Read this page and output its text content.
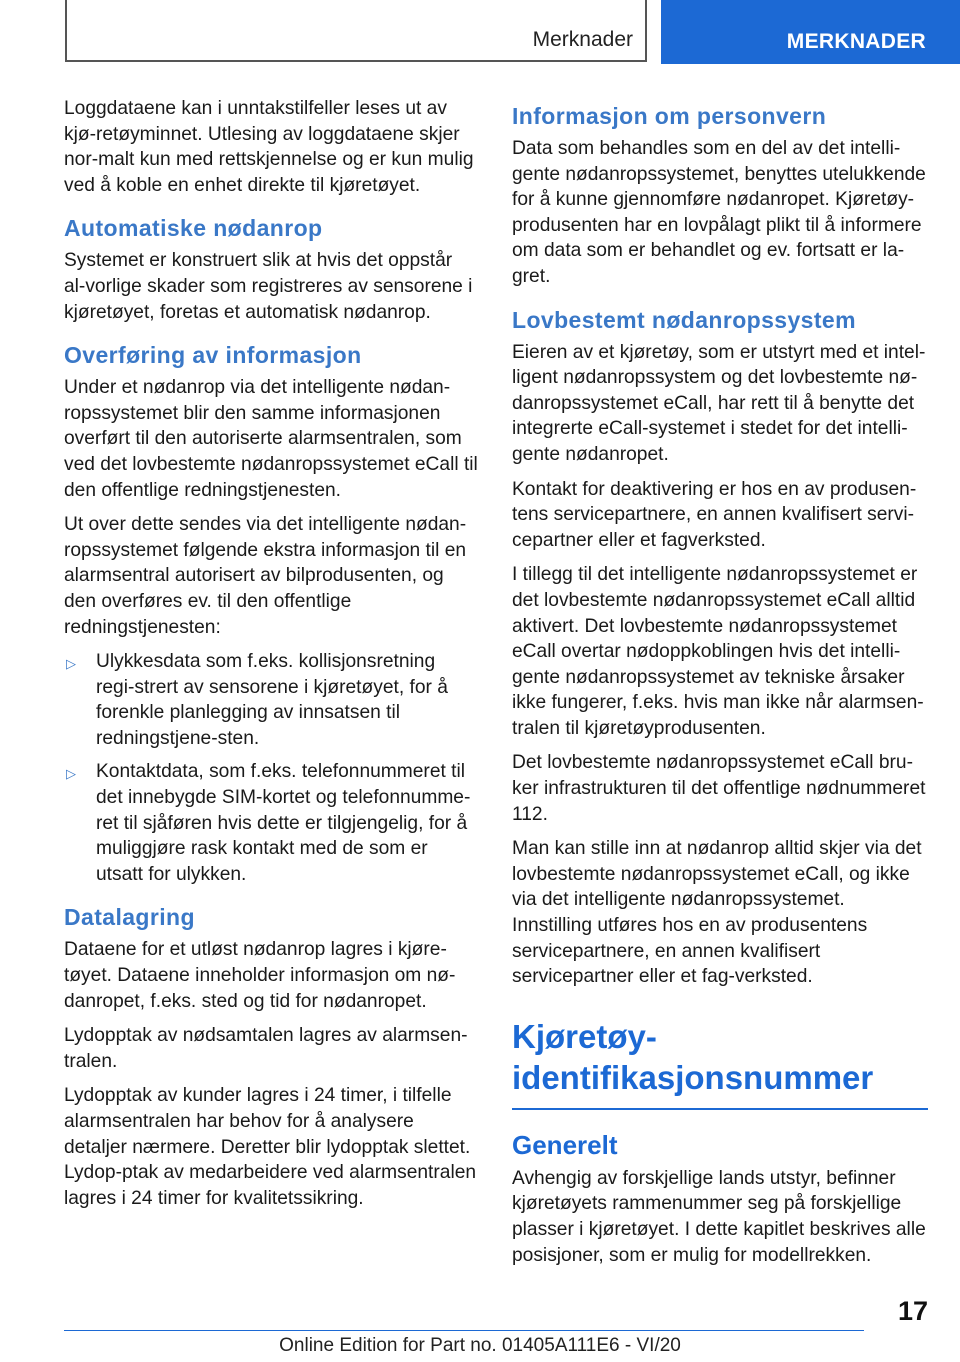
Merknader	MERKNADER

Loggdataene kan i unntakstilfeller leses ut av kjø-retøyminnet. Utlesing av loggdataene skjer nor-malt kun med rettskjennelse og er kun mulig ved å koble en enhet direkte til kjøretøyet.

Automatiske nødanrop

Systemet er konstruert slik at hvis det oppstår al-vorlige skader som registreres av sensorene i kjøretøyet, foretas et automatisk nødanrop.

Overføring av informasjon

Under et nødanrop via det intelligente nødan-ropssystemet blir den samme informasjonen overført til den autoriserte alarmsentralen, som ved det lovbestemte nødanropssystemet eCall til den offentlige redningstjenesten.

Ut over dette sendes via det intelligente nødan-ropssystemet følgende ekstra informasjon til en alarmsentral autorisert av bilprodusenten, og den overføres ev. til den offentlige redningstjenesten:

▷ Ulykkesdata som f.eks. kollisjonsretning regi-strert av sensorene i kjøretøyet, for å forenkle planlegging av innsatsen til redningstjene-sten.
▷ Kontaktdata, som f.eks. telefonnummeret til det innebygde SIM-kortet og telefonnumme-ret til sjåføren hvis dette er tilgjengelig, for å muliggjøre rask kontakt med de som er utsatt for ulykken.
Datalagring

Dataene for et utløst nødanrop lagres i kjøre-tøyet. Dataene inneholder informasjon om nø-danropet, f.eks. sted og tid for nødanropet.

Lydopptak av nødsamtalen lagres av alarmsen-tralen.

Lydopptak av kunder lagres i 24 timer, i tilfelle alarmsentralen har behov for å analysere detaljer nærmere. Deretter blir lydopptak slettet. Lydop-ptak av medarbeidere ved alarmsentralen lagres i 24 timer for kvalitetssikring.

Informasjon om personvern

Data som behandles som en del av det intelli-gente nødanropssystemet, benyttes utelukkende for å kunne gjennomføre nødanropet. Kjøretøy-produsenten har en lovpålagt plikt til å informere om data som er behandlet og ev. fortsatt er la-gret.

Lovbestemt nødanropssystem

Eieren av et kjøretøy, som er utstyrt med et intel-ligent nødanropssystem og det lovbestemte nø-danropssystemet eCall, har rett til å benytte det integrerte eCall-systemet i stedet for det intelli-gente nødanropet.

Kontakt for deaktivering er hos en av produsen-tens servicepartnere, en annen kvalifisert servi-cepartner eller et fagverksted.

I tillegg til det intelligente nødanropssystemet er det lovbestemte nødanropssystemet eCall alltid aktivert. Det lovbestemte nødanropssystemet eCall overtar nødoppkoblingen hvis det intelli-gente nødanropssystemet av tekniske årsaker ikke fungerer, f.eks. hvis man ikke når alarmsen-tralen til kjøretøyprodusenten.

Det lovbestemte nødanropssystemet eCall bru-ker infrastrukturen til det offentlige nødnummeret 112.

Man kan stille inn at nødanrop alltid skjer via det lovbestemte nødanropssystemet eCall, og ikke via det intelligente nødanropssystemet. Innstilling utføres hos en av produsentens servicepartnere, en annen kvalifisert servicepartner eller et fag-verksted.

Kjøretøy-
identifikasjonsnummer
Generelt

Avhengig av forskjellige lands utstyr, befinner kjøretøyets rammenummer seg på forskjellige plasser i kjøretøyet. I dette kapitlet beskrives alle posisjoner, som er mulig for modellrekken.

17
Online Edition for Part no. 01405A111E6 - VI/20
